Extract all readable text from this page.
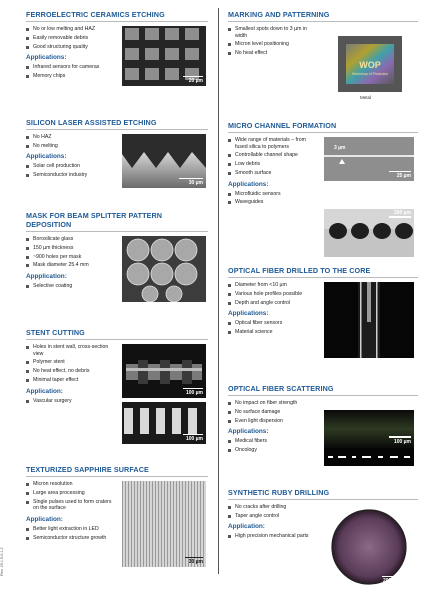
Rev. 29.1.5.0.1.2
FERROELECTRIC CERAMICS ETCHING
No or low melting and HAZ
Easily removable debris
Good structuring quality
Applications:
Infrared sensors for cameras
Memory chips
20 µm
SILICON LASER ASSISTED ETCHING
No HAZ
No melting
Applications:
Solar cell production
Semiconductor industry
30 µm
MASK FOR BEAM SPLITTER PATTERN DEPOSITION
Borosilicate glass
150 µm thickness
~900 holes per mask
Mask diameter 25.4 mm
Appplication:
Selective coating
STENT CUTTING
Holes in stent wall, cross-section view
Polymer stent
No heat effect, no debris
Minimal taper effect
Application:
Vascular surgery
100 µm
100 µm
TEXTURIZED SAPPHIRE SURFACE
Micron resolution
Large area processing
Single pulses used to form craters on the surface
Application:
Better light extraction in LED
Semiconductor structure growth
30 µm
MARKING AND PATTERNING
Smallest spots down to 3 µm in width
Micron level positioning
No heat effect
WOP
Workshop of Photonics
Metal
MICRO CHANNEL FORMATION
Wide range of materials – from fused silica to polymers
Controllable channel shape
Low debris
Smooth surface
Applications:
Microfluidic sensors
Waveguides
3 µm
25 µm
200 µm
OPTICAL FIBER DRILLED TO THE CORE
Diameter from <10 µm
Various hole profiles possible
Depth and angle control
Applications:
Optical fiber sensors
Material science
OPTICAL FIBER SCATTERING
No impact on fiber strength
No surface damage
Even light dispersion
Applications:
Medical fibers
Oncology
100 µm
SYNTHETIC RUBY DRILLING
No cracks after drilling
Taper angle control
Application:
High precision mechanical parts
200 µm
